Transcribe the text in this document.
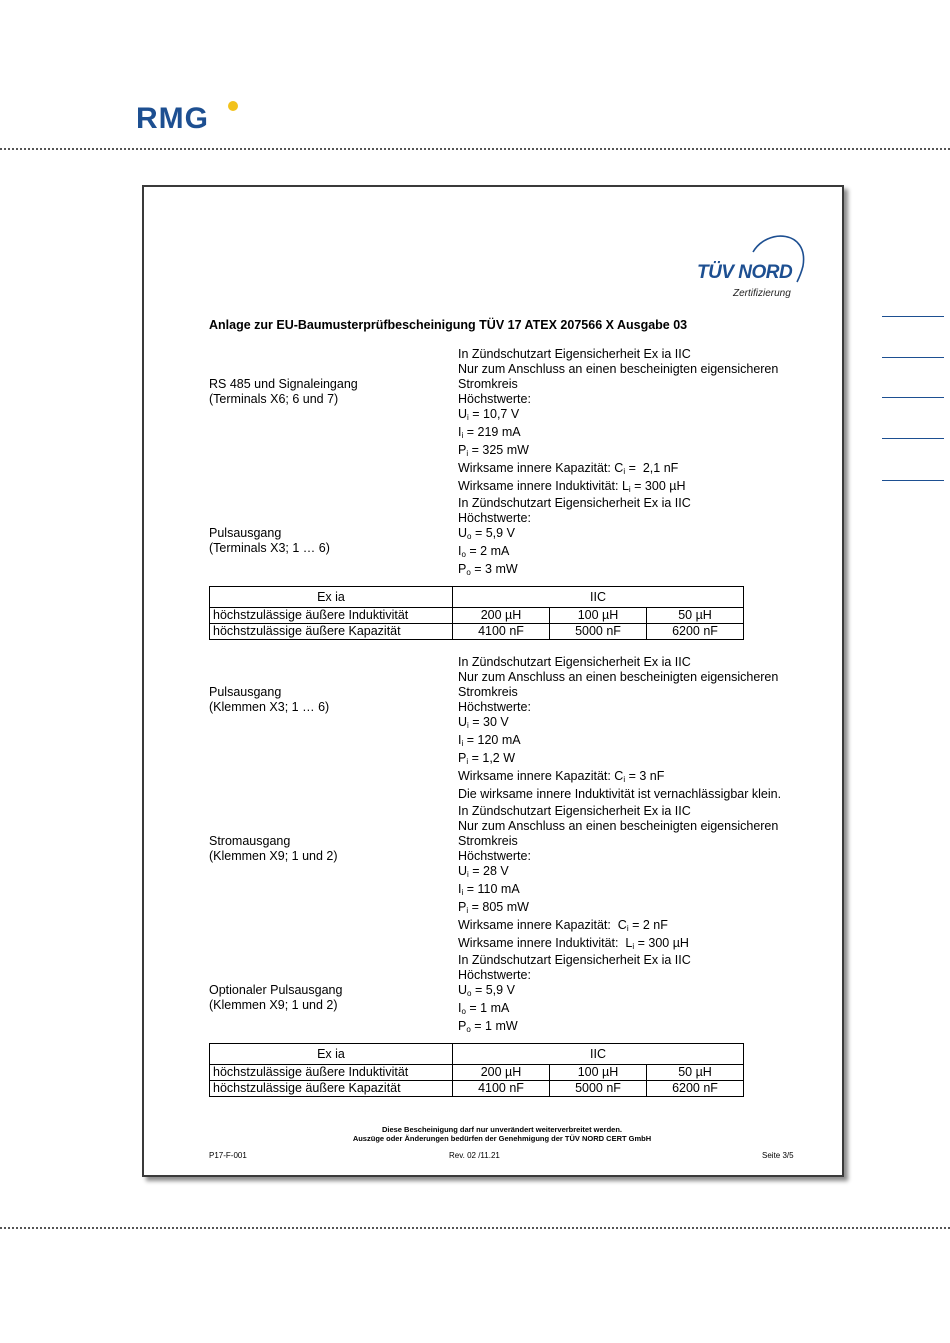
RMG
TÜV NORD
Zertifizierung
Anlage zur EU-Baumusterprüfbescheinigung TÜV 17 ATEX 207566 X Ausgabe 03

RS 485 und Signaleingang
(Terminals X6; 6 und 7)

In Zündschutzart Eigensicherheit Ex ia IIC
Nur zum Anschluss an einen bescheinigten eigensicheren
Stromkreis
Höchstwerte:
$U_i = 10,7$ V
$I_i = 219$ mA
$P_i = 325$ mW
Wirksame innere Kapazität: $C_i = 2,1$ nF
Wirksame innere Induktivität: $L_i = 300$ µH

Pulsausgang
(Terminals X3; 1 … 6)

In Zündschutzart Eigensicherheit Ex ia IIC
Höchstwerte:
$U_o = 5,9$ V
$I_o = 2$ mA
$P_o = 3$ mW
Ex ia	IIC		
höchstzulässige äußere Induktivität	200 µH	100 µH	50 µH
höchstzulässige äußere Kapazität	4100 nF	5000 nF	6200 nF

Pulsausgang
(Klemmen X3; 1 … 6)

In Zündschutzart Eigensicherheit Ex ia IIC
Nur zum Anschluss an einen bescheinigten eigensicheren
Stromkreis
Höchstwerte:
$U_i = 30$ V
$I_i = 120$ mA
$P_i = 1,2$ W
Wirksame innere Kapazität: $C_i = 3$ nF
Die wirksame innere Induktivität ist vernachlässigbar klein.

Stromausgang
(Klemmen X9; 1 und 2)

In Zündschutzart Eigensicherheit Ex ia IIC
Nur zum Anschluss an einen bescheinigten eigensicheren
Stromkreis
Höchstwerte:
$U_i = 28$ V
$I_i = 110$ mA
$P_i = 805$ mW
Wirksame innere Kapazität:  $C_i = 2$ nF
Wirksame innere Induktivität:  $L_i = 300$ µH

Optionaler Pulsausgang
(Klemmen X9; 1 und 2)

In Zündschutzart Eigensicherheit Ex ia IIC
Höchstwerte:
$U_o = 5,9$ V
$I_o = 1$ mA
$P_o = 1$ mW
Ex ia	IIC		
höchstzulässige äußere Induktivität	200 µH	100 µH	50 µH
höchstzulässige äußere Kapazität	4100 nF	5000 nF	6200 nF
Diese Bescheinigung darf nur unverändert weiterverbreitet werden.
Auszüge oder Änderungen bedürfen der Genehmigung der TÜV NORD CERT GmbH
P17-F-001	Rev. 02 /11.21	Seite 3/5
